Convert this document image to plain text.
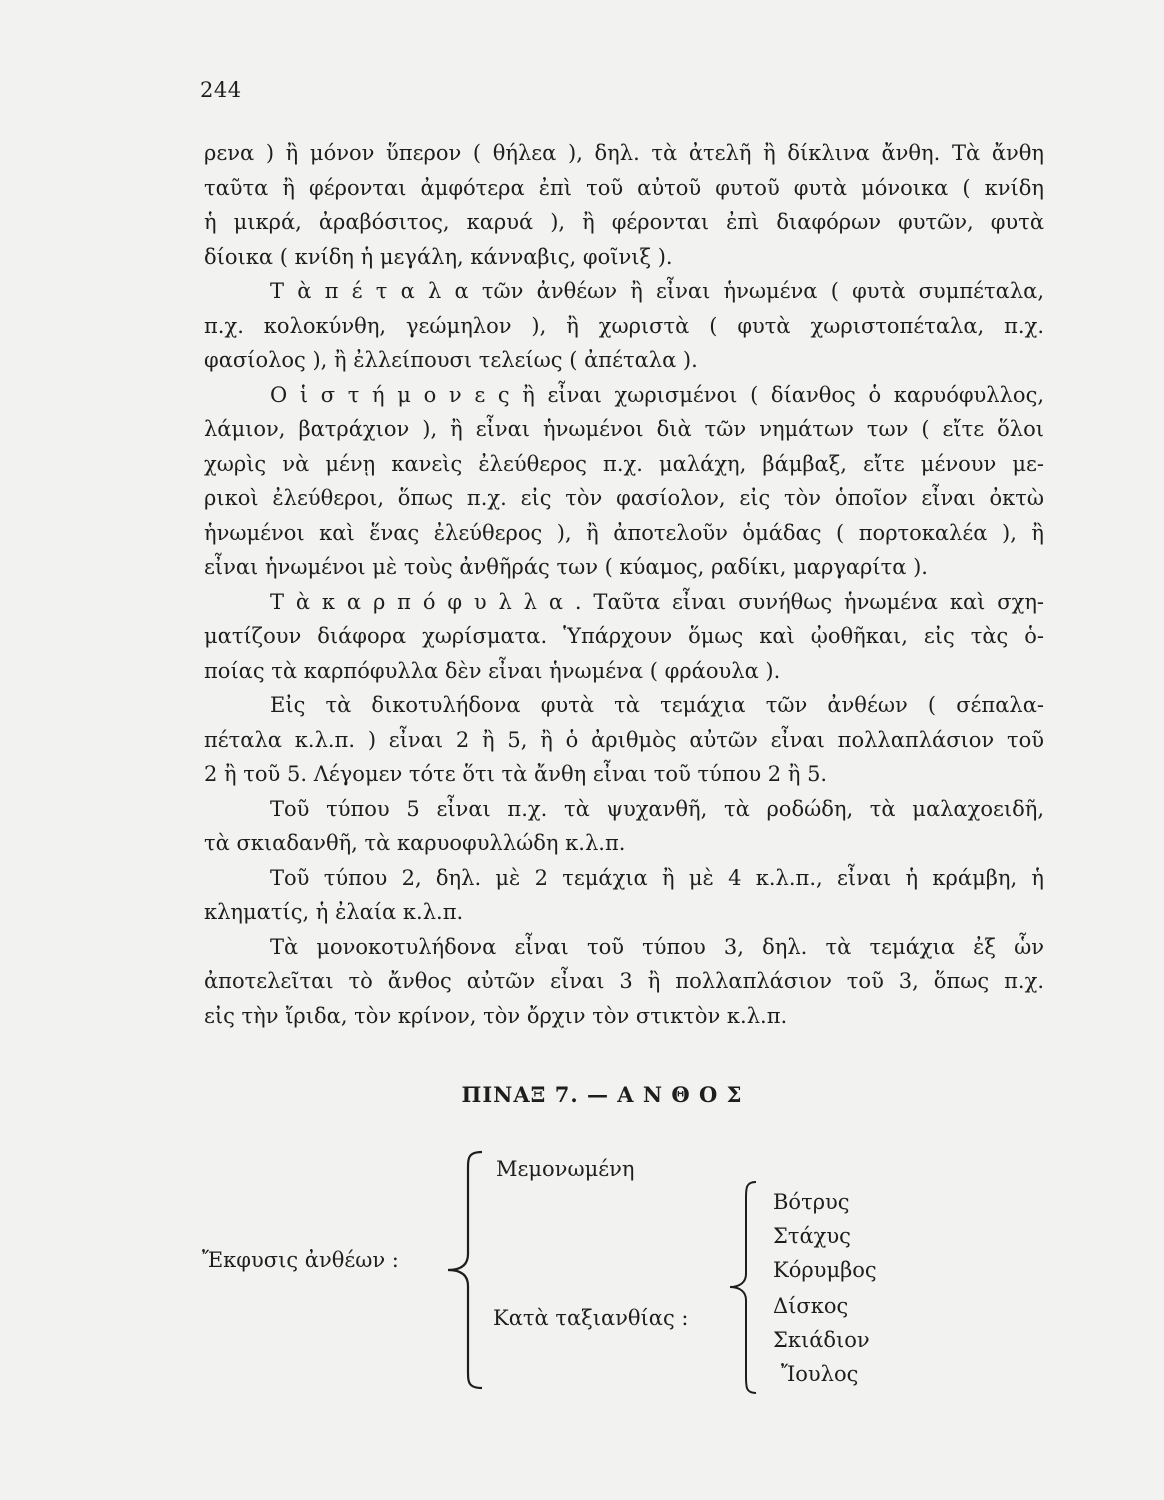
244
ρενα ) ἢ μόνον ὕπερον ( θήλεα ), δηλ. τὰ ἀτελῆ ἢ δίκλινα ἄνθη. Τὰ ἄνθη
ταῦτα ἢ φέρονται ἀμφότερα ἐπὶ τοῦ αὐτοῦ φυτοῦ φυτὰ μόνοικα ( κνίδη
ἡ μικρά, ἀραβόσιτος, καρυά ), ἢ φέρονται ἐπὶ διαφόρων φυτῶν, φυτὰ
δίοικα ( κνίδη ἡ μεγάλη, κάνναβις, φοῖνιξ ).
Τ ὰ π έ τ α λ α τῶν ἀνθέων ἢ εἶναι ἡνωμένα ( φυτὰ συμπέταλα,
π.χ. κολοκύνθη, γεώμηλον ), ἢ χωριστὰ ( φυτὰ χωριστοπέταλα, π.χ.
φασίολος ), ἢ ἐλλείπουσι τελείως ( ἀπέταλα ).
Ο ἱ σ τ ή μ ο ν ε ς ἢ εἶναι χωρισμένοι ( δίανθος ὁ καρυόφυλλος,
λάμιον, βατράχιον ), ἢ εἶναι ἡνωμένοι διὰ τῶν νημάτων των ( εἴτε ὅλοι
χωρὶς νὰ μένῃ κανεὶς ἐλεύθερος π.χ. μαλάχη, βάμβαξ, εἴτε μένουν με-
ρικοὶ ἐλεύθεροι, ὅπως π.χ. εἰς τὸν φασίολον, εἰς τὸν ὁποῖον εἶναι ὀκτὼ
ἡνωμένοι καὶ ἕνας ἐλεύθερος ), ἢ ἀποτελοῦν ὁμάδας ( πορτοκαλέα ), ἢ
εἶναι ἡνωμένοι μὲ τοὺς ἀνθῆράς των ( κύαμος, ραδίκι, μαργαρίτα ).
Τ ὰ κ α ρ π ό φ υ λ λ α . Ταῦτα εἶναι συνήθως ἡνωμένα καὶ σχη-
ματίζουν διάφορα χωρίσματα. Ὑπάρχουν ὅμως καὶ ᾠοθῆκαι, εἰς τὰς ὁ-
ποίας τὰ καρπόφυλλα δὲν εἶναι ἡνωμένα ( φράουλα ).
Εἰς τὰ δικοτυλήδονα φυτὰ τὰ τεμάχια τῶν ἀνθέων ( σέπαλα-
πέταλα κ.λ.π. ) εἶναι 2 ἢ 5, ἢ ὁ ἀριθμὸς αὐτῶν εἶναι πολλαπλάσιον τοῦ
2 ἢ τοῦ 5. Λέγομεν τότε ὅτι τὰ ἄνθη εἶναι τοῦ τύπου 2 ἢ 5.
Τοῦ τύπου 5 εἶναι π.χ. τὰ ψυχανθῆ, τὰ ροδώδη, τὰ μαλαχοειδῆ,
τὰ σκιαδανθῆ, τὰ καρυοφυλλώδη κ.λ.π.
Τοῦ τύπου 2, δηλ. μὲ 2 τεμάχια ἢ μὲ 4 κ.λ.π., εἶναι ἡ κράμβη, ἡ
κληματίς, ἡ ἐλαία κ.λ.π.
Τὰ μονοκοτυλήδονα εἶναι τοῦ τύπου 3, δηλ. τὰ τεμάχια ἐξ ὧν
ἀποτελεῖται τὸ ἄνθος αὐτῶν εἶναι 3 ἢ πολλαπλάσιον τοῦ 3, ὅπως π.χ.
εἰς τὴν ἴριδα, τὸν κρίνον, τὸν ὄρχιν τὸν στικτὸν κ.λ.π.
ΠΙΝΑΞ 7. — Α Ν Θ Ο Σ
Ἔκφυσις ἀνθέων :
Μεμονωμένη
Κατὰ ταξιανθίας :
Βότρυς
Στάχυς
Κόρυμβος
Δίσκος
Σκιάδιον
Ἴουλος
